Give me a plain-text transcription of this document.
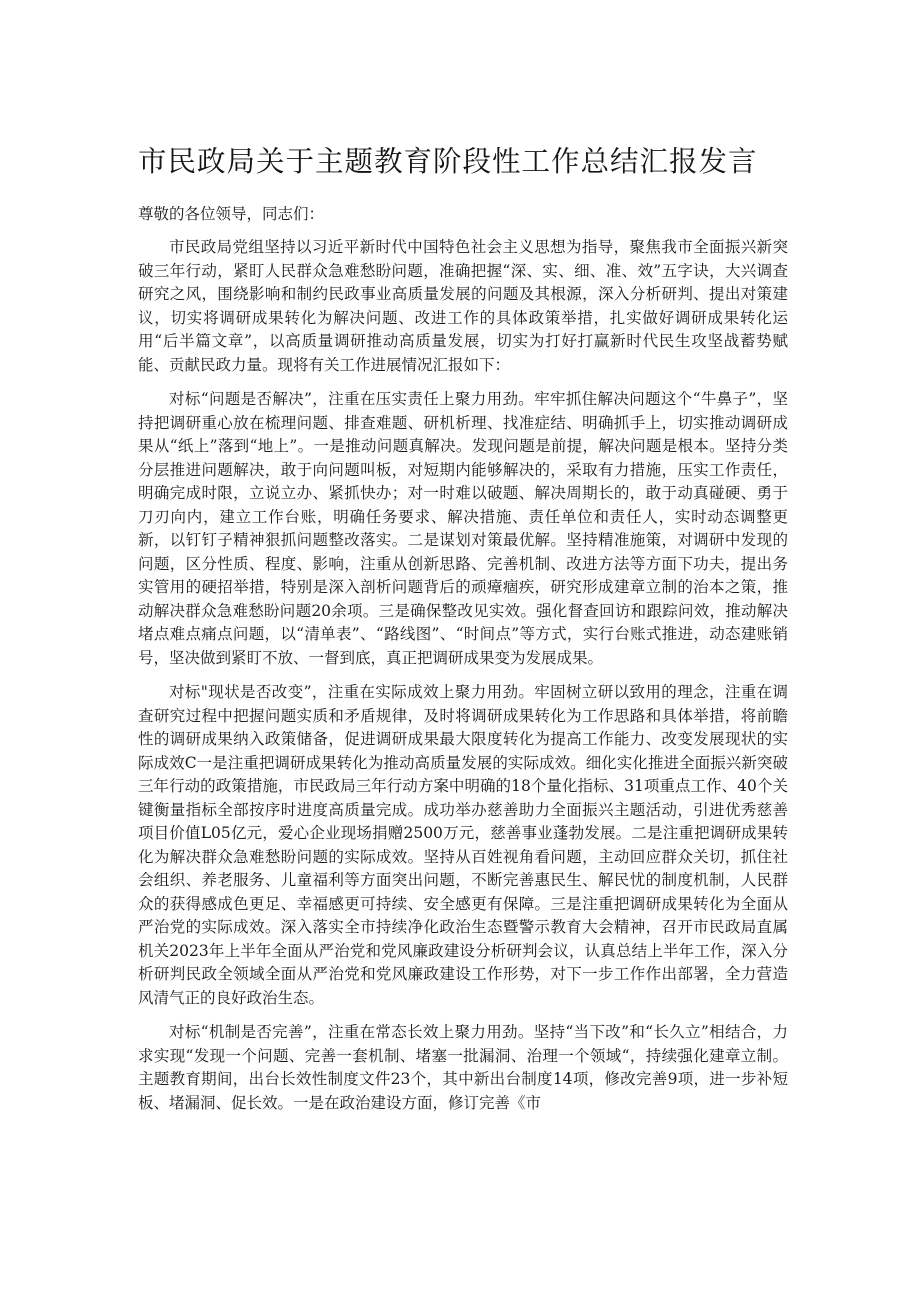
市民政局关于主题教育阶段性工作总结汇报发言

尊敬的各位领导，同志们：

市民政局党组坚持以习近平新时代中国特色社会主义思想为指导，聚焦我市全面振兴新突破三年行动，紧盯人民群众急难愁盼问题，准确把握“深、实、细、准、效”五字诀，大兴调查研究之风，围绕影响和制约民政事业高质量发展的问题及其根源，深入分析研判、提出对策建议，切实将调研成果转化为解决问题、改进工作的具体政策举措，扎实做好调研成果转化运用“后半篇文章”，以高质量调研推动高质量发展，切实为打好打赢新时代民生攻坚战蓄势赋能、贡献民政力量。现将有关工作进展情况汇报如下：

对标“问题是否解决”，注重在压实责任上聚力用劲。牢牢抓住解决问题这个“牛鼻子”，坚持把调研重心放在梳理问题、排查难题、研机析理、找准症结、明确抓手上，切实推动调研成果从“纸上”落到“地上”。一是推动问题真解决。发现问题是前提，解决问题是根本。坚持分类分层推进问题解决，敢于向问题叫板，对短期内能够解决的，采取有力措施，压实工作责任，明确完成时限，立说立办、紧抓快办；对一时难以破题、解决周期长的，敢于动真碰硬、勇于刀刃向内，建立工作台账，明确任务要求、解决措施、责任单位和责任人，实时动态调整更新，以钉钉子精神狠抓问题整改落实。二是谋划对策最优解。坚持精准施策，对调研中发现的问题，区分性质、程度、影响，注重从创新思路、完善机制、改进方法等方面下功夫，提出务实管用的硬招举措，特别是深入剖析问题背后的顽瘴痼疾，研究形成建章立制的治本之策，推动解决群众急难愁盼问题20余项。三是确保整改见实效。强化督查回访和跟踪问效，推动解决堵点难点痛点问题，以“清单表”、“路线图”、“时间点”等方式，实行台账式推进，动态建账销号，坚决做到紧盯不放、一督到底，真正把调研成果变为发展成果。

对标"现状是否改变”，注重在实际成效上聚力用劲。牢固树立研以致用的理念，注重在调查研究过程中把握问题实质和矛盾规律，及时将调研成果转化为工作思路和具体举措，将前瞻性的调研成果纳入政策储备，促进调研成果最大限度转化为提高工作能力、改变发展现状的实际成效C一是注重把调研成果转化为推动高质量发展的实际成效。细化实化推进全面振兴新突破三年行动的政策措施，市民政局三年行动方案中明确的18个量化指标、31项重点工作、40个关键衡量指标全部按序时进度高质量完成。成功举办慈善助力全面振兴主题活动，引进优秀慈善项目价值L05亿元，爱心企业现场捐赠2500万元，慈善事业蓬勃发展。二是注重把调研成果转化为解决群众急难愁盼问题的实际成效。坚持从百姓视角看问题，主动回应群众关切，抓住社会组织、养老服务、儿童福利等方面突出问题，不断完善惠民生、解民忧的制度机制，人民群众的获得感成色更足、幸福感更可持续、安全感更有保障。三是注重把调研成果转化为全面从严治党的实际成效。深入落实全市持续净化政治生态暨警示教育大会精神，召开市民政局直属机关2023年上半年全面从严治党和党风廉政建设分析研判会议，认真总结上半年工作，深入分析研判民政全领域全面从严治党和党风廉政建设工作形势，对下一步工作作出部署，全力营造风清气正的良好政治生态。

对标“机制是否完善”，注重在常态长效上聚力用劲。坚持“当下改”和“长久立”相结合，力求实现“发现一个问题、完善一套机制、堵塞一批漏洞、治理一个领域“，持续强化建章立制。主题教育期间，出台长效性制度文件23个，其中新出台制度14项，修改完善9项，进一步补短板、堵漏洞、促长效。一是在政治建设方面，修订完善《市
